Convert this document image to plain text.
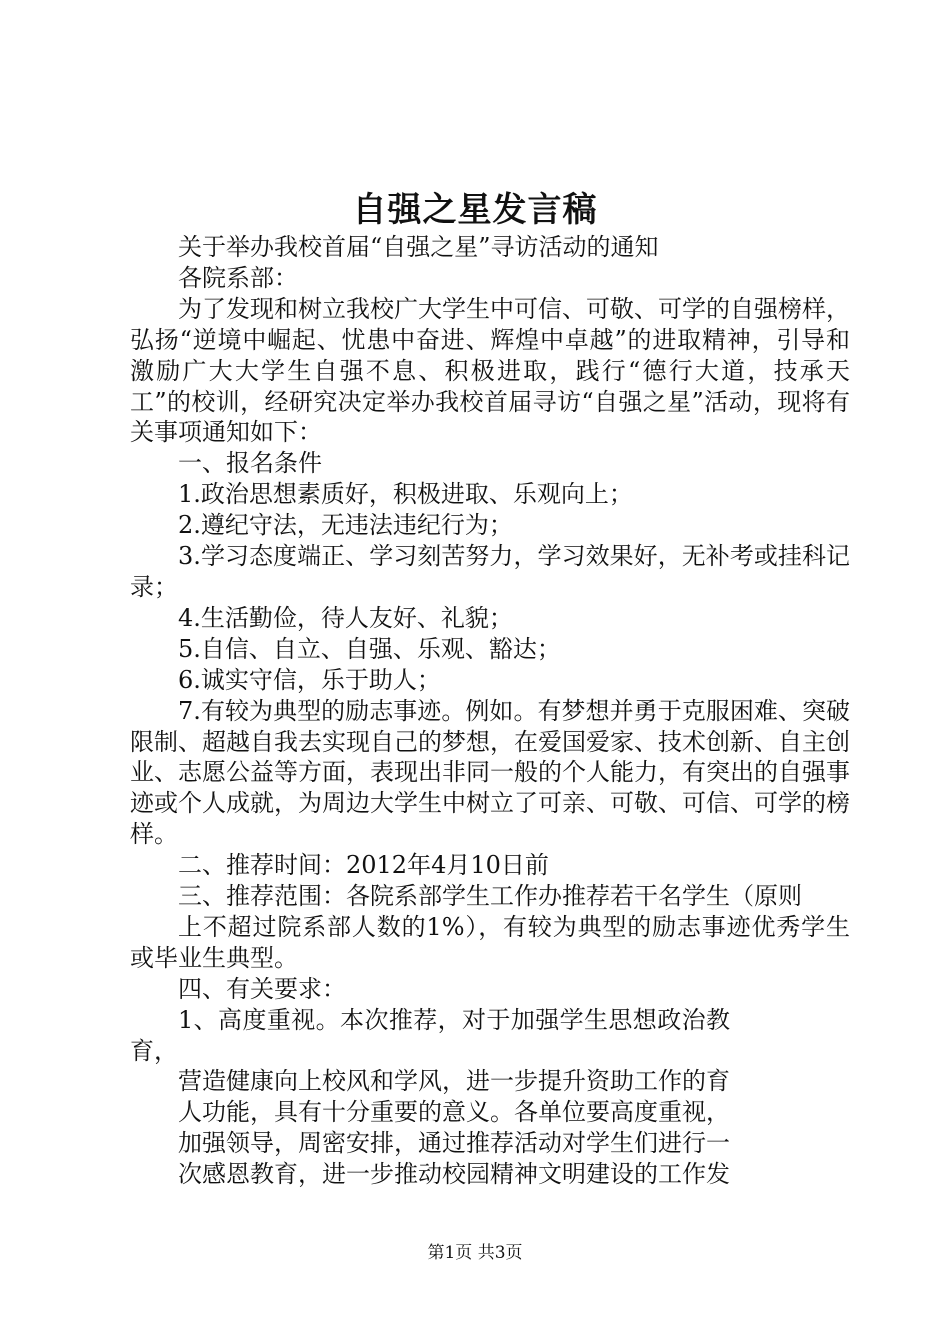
自强之星发言稿

关于举办我校首届“自强之星”寻访活动的通知

各院系部：

为了发现和树立我校广大学生中可信、可敬、可学的自强榜样，弘扬“逆境中崛起、忧患中奋进、辉煌中卓越”的进取精神，引导和激励广大大学生自强不息、积极进取，践行“德行大道，技承天工”的校训，经研究决定举办我校首届寻访“自强之星”活动，现将有关事项通知如下：

一、报名条件

1.政治思想素质好，积极进取、乐观向上；

2.遵纪守法，无违法违纪行为；

3.学习态度端正、学习刻苦努力，学习效果好，无补考或挂科记录；

4.生活勤俭，待人友好、礼貌；

5.自信、自立、自强、乐观、豁达；

6.诚实守信，乐于助人；

7.有较为典型的励志事迹。例如。有梦想并勇于克服困难、突破限制、超越自我去实现自己的梦想，在爱国爱家、技术创新、自主创业、志愿公益等方面，表现出非同一般的个人能力，有突出的自强事迹或个人成就，为周边大学生中树立了可亲、可敬、可信、可学的榜样。

二、推荐时间：2012年4月10日前

三、推荐范围：各院系部学生工作办推荐若干名学生（原则

上不超过院系部人数的1%），有较为典型的励志事迹优秀学生或毕业生典型。

四、有关要求：

1、高度重视。本次推荐，对于加强学生思想政治教育，

营造健康向上校风和学风，进一步提升资助工作的育

人功能，具有十分重要的意义。各单位要高度重视，

加强领导，周密安排，通过推荐活动对学生们进行一

次感恩教育，进一步推动校园精神文明建设的工作发

第1页 共3页
